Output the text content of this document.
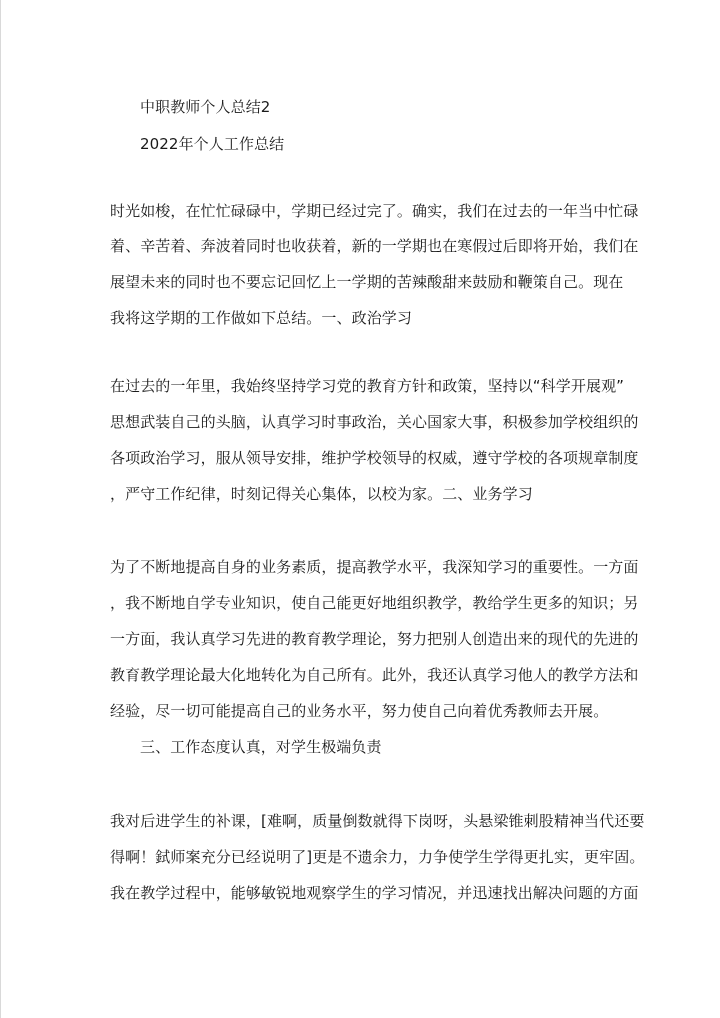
中职教师个人总结2
2022年个人工作总结
时光如梭，在忙忙碌碌中，学期已经过完了。确实，我们在过去的一年当中忙碌
着、辛苦着、奔波着同时也收获着，新的一学期也在寒假过后即将开始，我们在
展望未来的同时也不要忘记回忆上一学期的苦辣酸甜来鼓励和鞭策自己。现在
我将这学期的工作做如下总结。一、政治学习
在过去的一年里，我始终坚持学习党的教育方针和政策，坚持以“科学开展观”
思想武装自己的头脑，认真学习时事政治，关心国家大事，积极参加学校组织的
各项政治学习，服从领导安排，维护学校领导的权威，遵守学校的各项规章制度
，严守工作纪律，时刻记得关心集体，以校为家。二、业务学习
为了不断地提高自身的业务素质，提高教学水平，我深知学习的重要性。一方面
，我不断地自学专业知识，使自己能更好地组织教学，教给学生更多的知识；另
一方面，我认真学习先进的教育教学理论，努力把别人创造出来的现代的先进的
教育教学理论最大化地转化为自己所有。此外，我还认真学习他人的教学方法和
经验，尽一切可能提高自己的业务水平，努力使自己向着优秀教师去开展。
三、工作态度认真，对学生极端负责
我对后进学生的补课，[难啊，质量倒数就得下岗呀，头悬梁锥刺股精神当代还要
得啊！鉽师案充分已经说明了]更是不遗余力，力争使学生学得更扎实，更牢固。
我在教学过程中，能够敏锐地观察学生的学习情况，并迅速找出解决问题的方面
